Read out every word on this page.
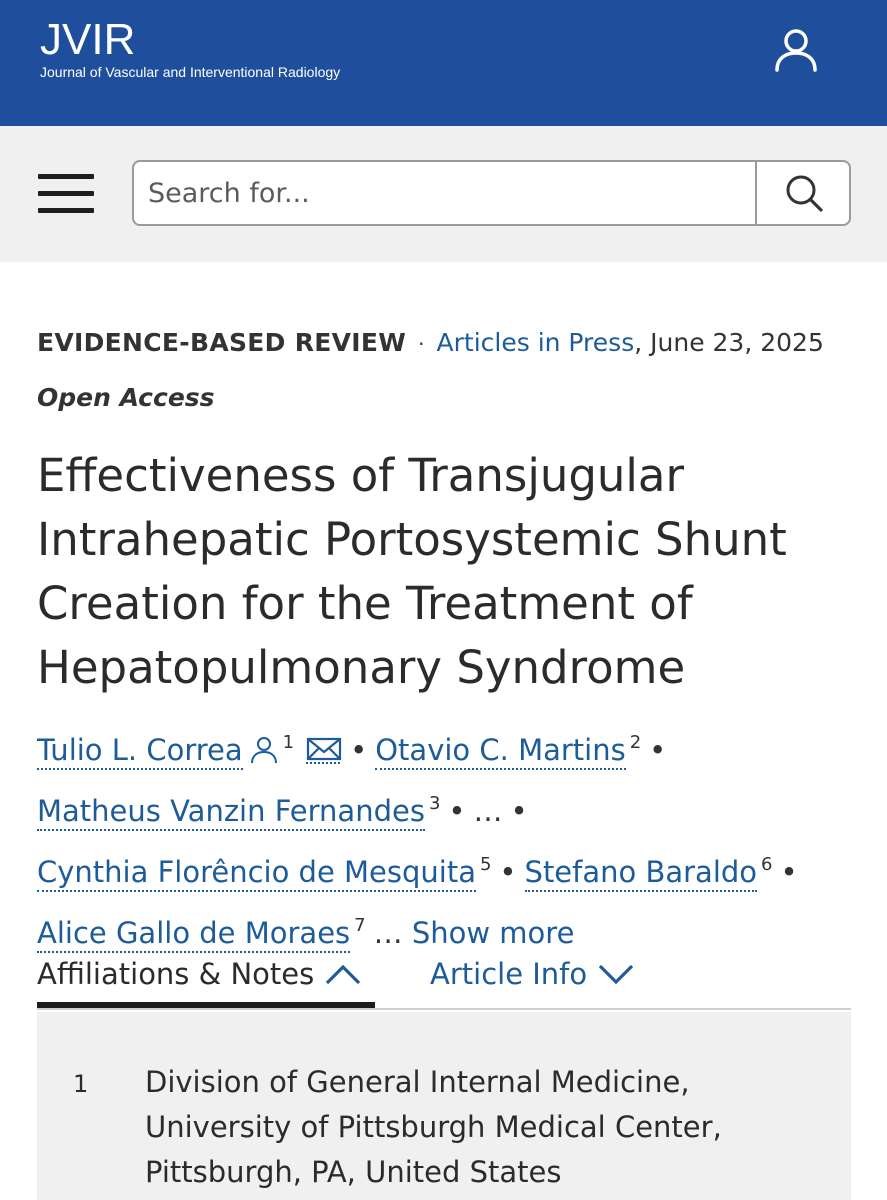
JVIR
Journal of Vascular and Interventional Radiology
Search for...
EVIDENCE-BASED REVIEW · Articles in Press, June 23, 2025
Open Access
Effectiveness of Transjugular Intrahepatic Portosystemic Shunt Creation for the Treatment of Hepatopulmonary Syndrome
Tulio L. Correa $^1$ • Otavio C. Martins $^2$ •
Matheus Vanzin Fernandes $^3$ • … •
Cynthia Florêncio de Mesquita $^5$ • Stefano Baraldo $^6$ •
Alice Gallo de Moraes $^7$ … Show more
Affiliations & Notes	Article Info
1 Division of General Internal Medicine, University of Pittsburgh Medical Center, Pittsburgh, PA, United States
